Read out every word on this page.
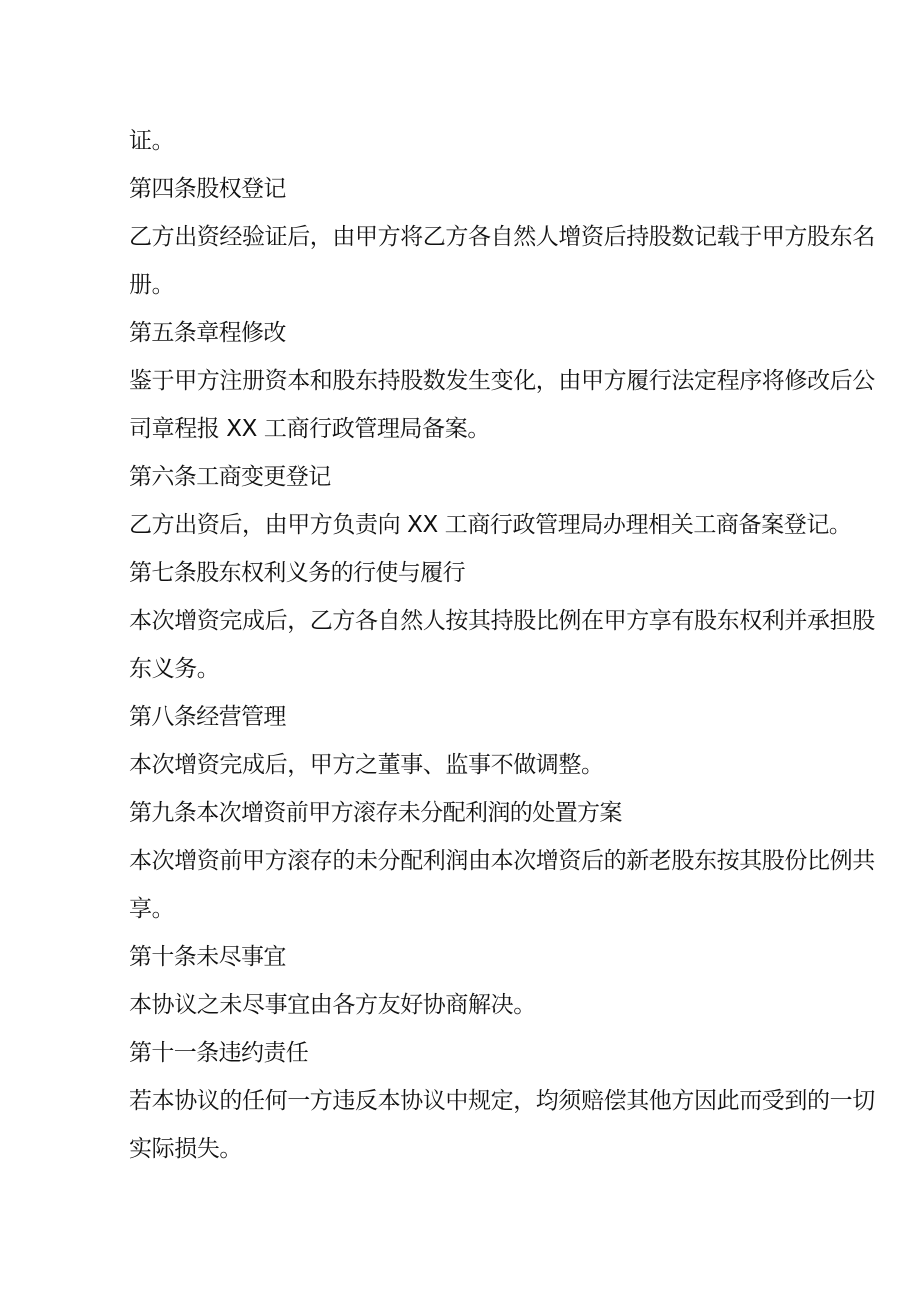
证。
第四条股权登记
乙方出资经验证后，由甲方将乙方各自然人增资后持股数记载于甲方股东名
册。
第五条章程修改
鉴于甲方注册资本和股东持股数发生变化，由甲方履行法定程序将修改后公
司章程报 XX 工商行政管理局备案。
第六条工商变更登记
乙方出资后，由甲方负责向 XX 工商行政管理局办理相关工商备案登记。
第七条股东权利义务的行使与履行
本次增资完成后，乙方各自然人按其持股比例在甲方享有股东权利并承担股
东义务。
第八条经营管理
本次增资完成后，甲方之董事、监事不做调整。
第九条本次增资前甲方滚存未分配利润的处置方案
本次增资前甲方滚存的未分配利润由本次增资后的新老股东按其股份比例共
享。
第十条未尽事宜
本协议之未尽事宜由各方友好协商解决。
第十一条违约责任
若本协议的任何一方违反本协议中规定，均须赔偿其他方因此而受到的一切
实际损失。
